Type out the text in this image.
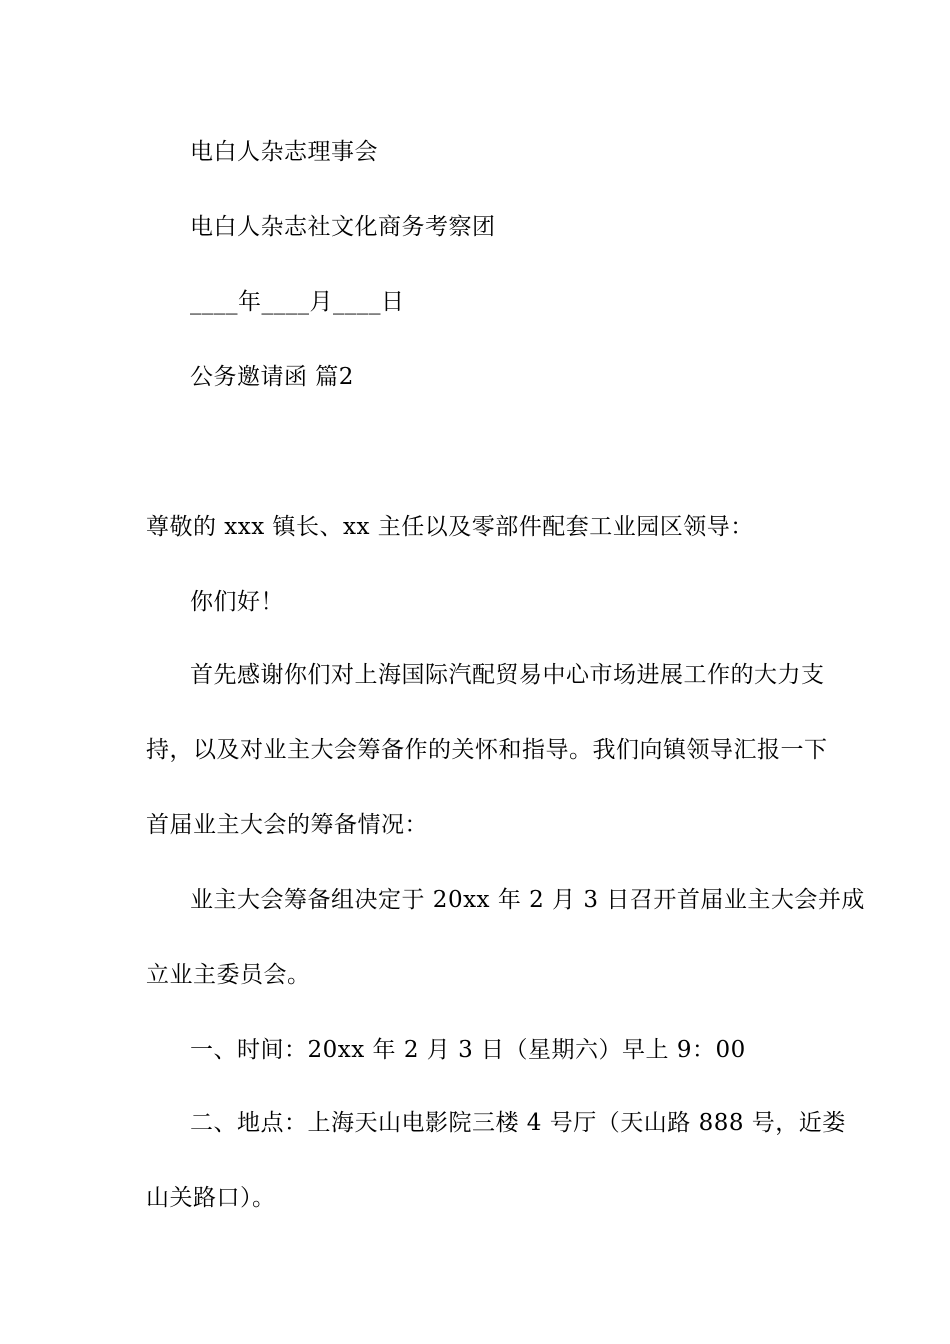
电白人杂志理事会
电白人杂志社文化商务考察团
____年____月____日
公务邀请函 篇2
尊敬的 xxx 镇长、xx 主任以及零部件配套工业园区领导：
你们好！
首先感谢你们对上海国际汽配贸易中心市场进展工作的大力支
持，以及对业主大会筹备作的关怀和指导。我们向镇领导汇报一下
首届业主大会的筹备情况：
业主大会筹备组决定于 20xx 年 2 月 3 日召开首届业主大会并成
立业主委员会。
一、时间：20xx 年 2 月 3 日（星期六）早上 9：00
二、地点：上海天山电影院三楼 4 号厅（天山路 888 号，近娄
山关路口）。
